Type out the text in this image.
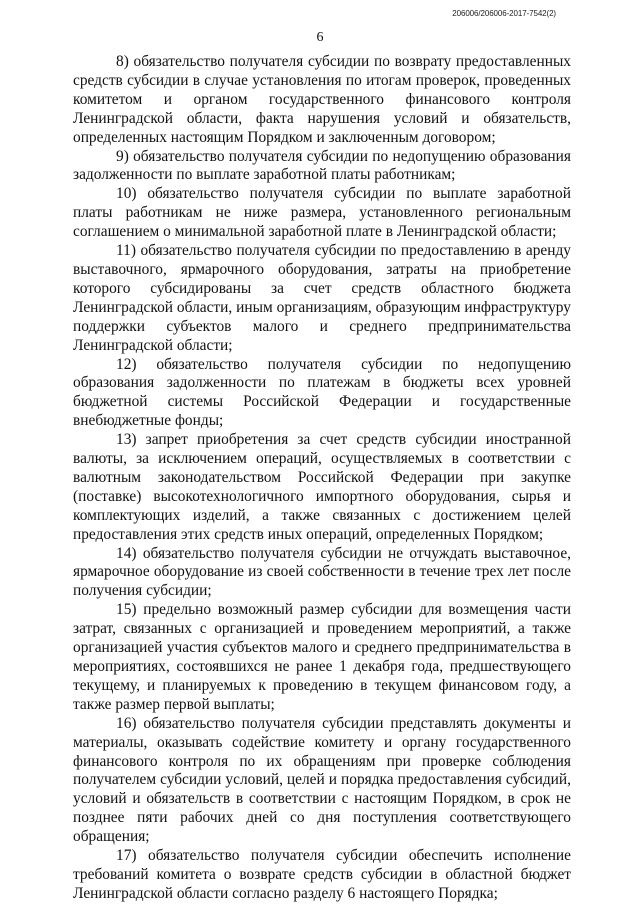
206006/206006-2017-7542(2)
6

8) обязательство получателя субсидии по возврату предоставленных средств субсидии в случае установления по итогам проверок, проведенных комитетом и органом государственного финансового контроля Ленинградской области, факта нарушения условий и обязательств, определенных настоящим Порядком и заключенным договором;

9) обязательство получателя субсидии по недопущению образования задолженности по выплате заработной платы работникам;

10) обязательство получателя субсидии по выплате заработной платы работникам не ниже размера, установленного региональным соглашением о минимальной заработной плате в Ленинградской области;

11) обязательство получателя субсидии по предоставлению в аренду выставочного, ярмарочного оборудования, затраты на приобретение которого субсидированы за счет средств областного бюджета Ленинградской области, иным организациям, образующим инфраструктуру поддержки субъектов малого и среднего предпринимательства Ленинградской области;

12) обязательство получателя субсидии по недопущению образования задолженности по платежам в бюджеты всех уровней бюджетной системы Российской Федерации и государственные внебюджетные фонды;

13) запрет приобретения за счет средств субсидии иностранной валюты, за исключением операций, осуществляемых в соответствии с валютным законодательством Российской Федерации при закупке (поставке) высокотехнологичного импортного оборудования, сырья и комплектующих изделий, а также связанных с достижением целей предоставления этих средств иных операций, определенных Порядком;

14) обязательство получателя субсидии не отчуждать выставочное, ярмарочное оборудование из своей собственности в течение трех лет после получения субсидии;

15) предельно возможный размер субсидии для возмещения части затрат, связанных с организацией и проведением мероприятий, а также организацией участия субъектов малого и среднего предпринимательства в мероприятиях, состоявшихся не ранее 1 декабря года, предшествующего текущему, и планируемых к проведению в текущем финансовом году, а также размер первой выплаты;

16) обязательство получателя субсидии представлять документы и материалы, оказывать содействие комитету и органу государственного финансового контроля по их обращениям при проверке соблюдения получателем субсидии условий, целей и порядка предоставления субсидий, условий и обязательств в соответствии с настоящим Порядком, в срок не позднее пяти рабочих дней со дня поступления соответствующего обращения;

17) обязательство получателя субсидии обеспечить исполнение требований комитета о возврате средств субсидии в областной бюджет Ленинградской области согласно разделу 6 настоящего Порядка;
